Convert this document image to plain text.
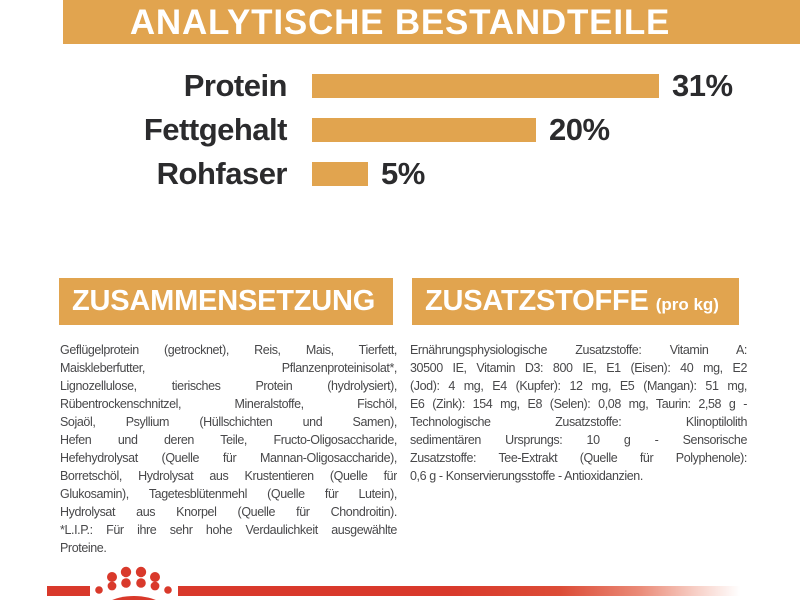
ANALYTISCHE BESTANDTEILE
Protein	31%
Fettgehalt	20%
Rohfaser	5%
ZUSAMMENSETZUNG
Geflügelprotein (getrocknet), Reis, Mais, Tierfett,
Maiskleberfutter, Pflanzenproteinisolat*,
Lignozellulose, tierisches Protein (hydrolysiert),
Rübentrockenschnitzel, Mineralstoffe, Fischöl,
Sojaöl, Psyllium (Hüllschichten und Samen),
Hefen und deren Teile, Fructo-Oligosaccharide,
Hefehydrolysat (Quelle für Mannan-Oligosaccharide),
Borretschöl, Hydrolysat aus Krustentieren (Quelle für
Glukosamin), Tagetesblütenmehl (Quelle für Lutein),
Hydrolysat aus Knorpel (Quelle für Chondroitin).
*L.I.P.: Für ihre sehr hohe Verdaulichkeit ausgewählte
Proteine.
ZUSATZSTOFFE (pro kg)
Ernährungsphysiologische Zusatzstoffe: Vitamin A:
30500 IE, Vitamin D3: 800 IE, E1 (Eisen): 40 mg, E2
(Jod): 4 mg, E4 (Kupfer): 12 mg, E5 (Mangan): 51 mg,
E6 (Zink): 154 mg, E8 (Selen): 0,08 mg, Taurin: 2,58 g -
Technologische Zusatzstoffe: Klinoptilolith
sedimentären Ursprungs: 10 g - Sensorische
Zusatzstoffe: Tee-Extrakt (Quelle für Polyphenole):
0,6 g - Konservierungsstoffe - Antioxidanzien.
